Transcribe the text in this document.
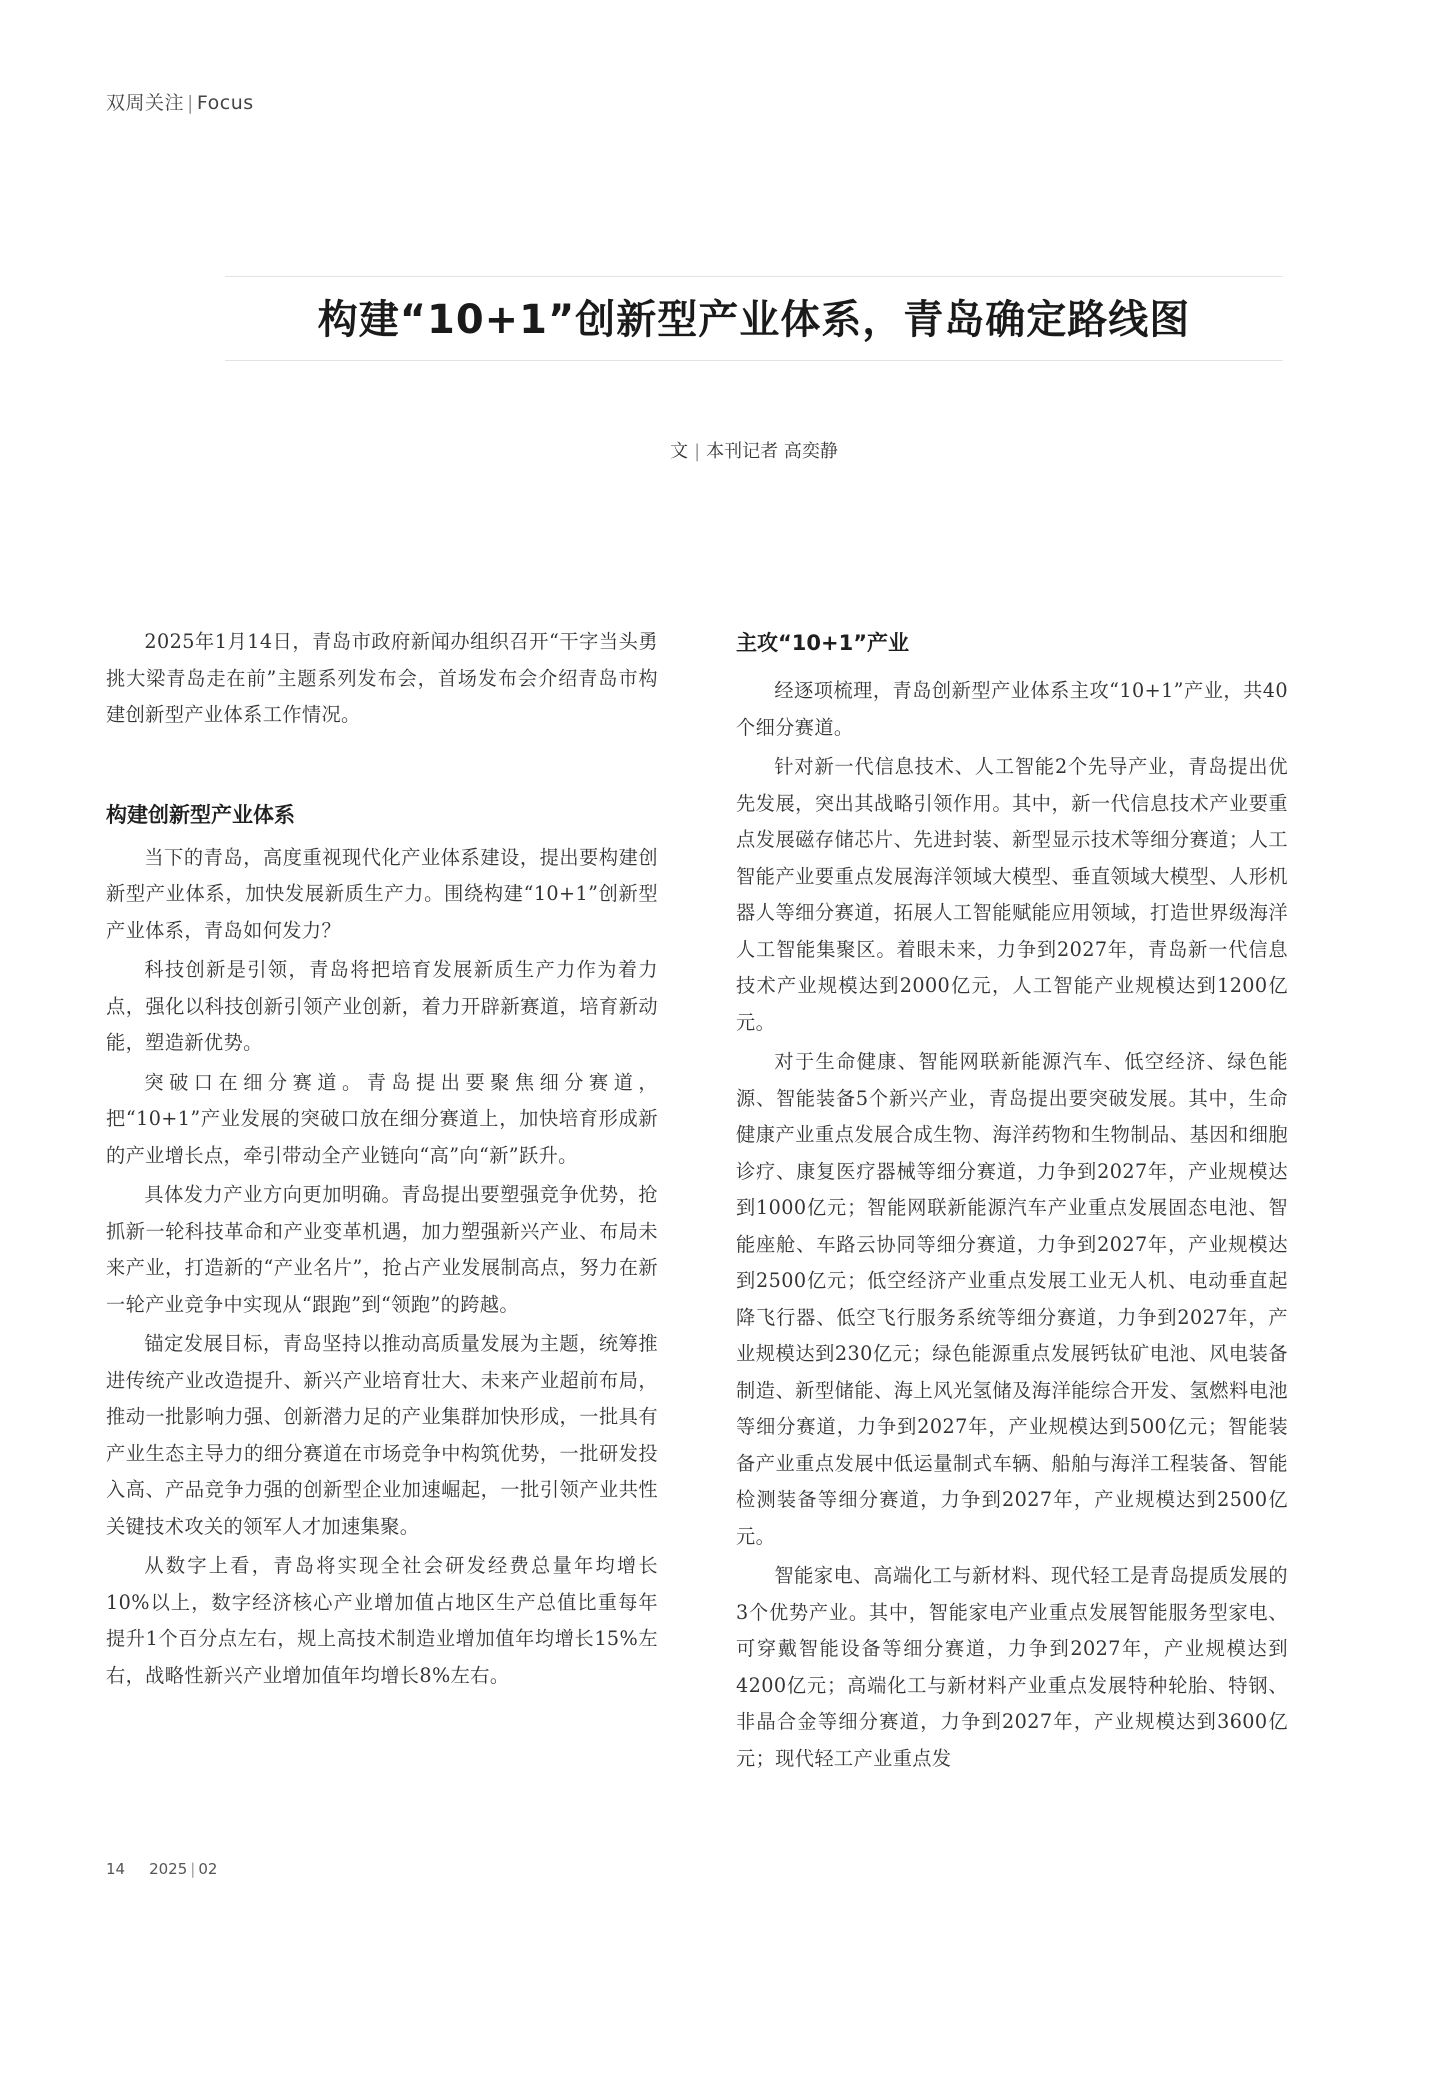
双周关注 | Focus
构建“10+1”创新型产业体系，青岛确定路线图
文 | 本刊记者 高奕静

2025年1月14日，青岛市政府新闻办组织召开“干字当头勇挑大梁青岛走在前”主题系列发布会，首场发布会介绍青岛市构建创新型产业体系工作情况。

构建创新型产业体系

当下的青岛，高度重视现代化产业体系建设，提出要构建创新型产业体系，加快发展新质生产力。围绕构建“10+1”创新型产业体系，青岛如何发力？

科技创新是引领，青岛将把培育发展新质生产力作为着力点，强化以科技创新引领产业创新，着力开辟新赛道，培育新动能，塑造新优势。

突破口在细分赛道。青岛提出要聚焦细分赛道，把“10+1”产业发展的突破口放在细分赛道上，加快培育形成新的产业增长点，牵引带动全产业链向“高”向“新”跃升。

具体发力产业方向更加明确。青岛提出要塑强竞争优势，抢抓新一轮科技革命和产业变革机遇，加力塑强新兴产业、布局未来产业，打造新的“产业名片”，抢占产业发展制高点，努力在新一轮产业竞争中实现从“跟跑”到“领跑”的跨越。

锚定发展目标，青岛坚持以推动高质量发展为主题，统筹推进传统产业改造提升、新兴产业培育壮大、未来产业超前布局，推动一批影响力强、创新潜力足的产业集群加快形成，一批具有产业生态主导力的细分赛道在市场竞争中构筑优势，一批研发投入高、产品竞争力强的创新型企业加速崛起，一批引领产业共性关键技术攻关的领军人才加速集聚。

从数字上看，青岛将实现全社会研发经费总量年均增长10%以上，数字经济核心产业增加值占地区生产总值比重每年提升1个百分点左右，规上高技术制造业增加值年均增长15%左右，战略性新兴产业增加值年均增长8%左右。

主攻“10+1”产业

经逐项梳理，青岛创新型产业体系主攻“10+1”产业，共40个细分赛道。

针对新一代信息技术、人工智能2个先导产业，青岛提出优先发展，突出其战略引领作用。其中，新一代信息技术产业要重点发展磁存储芯片、先进封装、新型显示技术等细分赛道；人工智能产业要重点发展海洋领域大模型、垂直领域大模型、人形机器人等细分赛道，拓展人工智能赋能应用领域，打造世界级海洋人工智能集聚区。着眼未来，力争到2027年，青岛新一代信息技术产业规模达到2000亿元，人工智能产业规模达到1200亿元。

对于生命健康、智能网联新能源汽车、低空经济、绿色能源、智能装备5个新兴产业，青岛提出要突破发展。其中，生命健康产业重点发展合成生物、海洋药物和生物制品、基因和细胞诊疗、康复医疗器械等细分赛道，力争到2027年，产业规模达到1000亿元；智能网联新能源汽车产业重点发展固态电池、智能座舱、车路云协同等细分赛道，力争到2027年，产业规模达到2500亿元；低空经济产业重点发展工业无人机、电动垂直起降飞行器、低空飞行服务系统等细分赛道，力争到2027年，产业规模达到230亿元；绿色能源重点发展钙钛矿电池、风电装备制造、新型储能、海上风光氢储及海洋能综合开发、氢燃料电池等细分赛道，力争到2027年，产业规模达到500亿元；智能装备产业重点发展中低运量制式车辆、船舶与海洋工程装备、智能检测装备等细分赛道，力争到2027年，产业规模达到2500亿元。

智能家电、高端化工与新材料、现代轻工是青岛提质发展的3个优势产业。其中，智能家电产业重点发展智能服务型家电、可穿戴智能设备等细分赛道，力争到2027年，产业规模达到4200亿元；高端化工与新材料产业重点发展特种轮胎、特钢、非晶合金等细分赛道，力争到2027年，产业规模达到3600亿元；现代轻工产业重点发

14 2025 | 02
